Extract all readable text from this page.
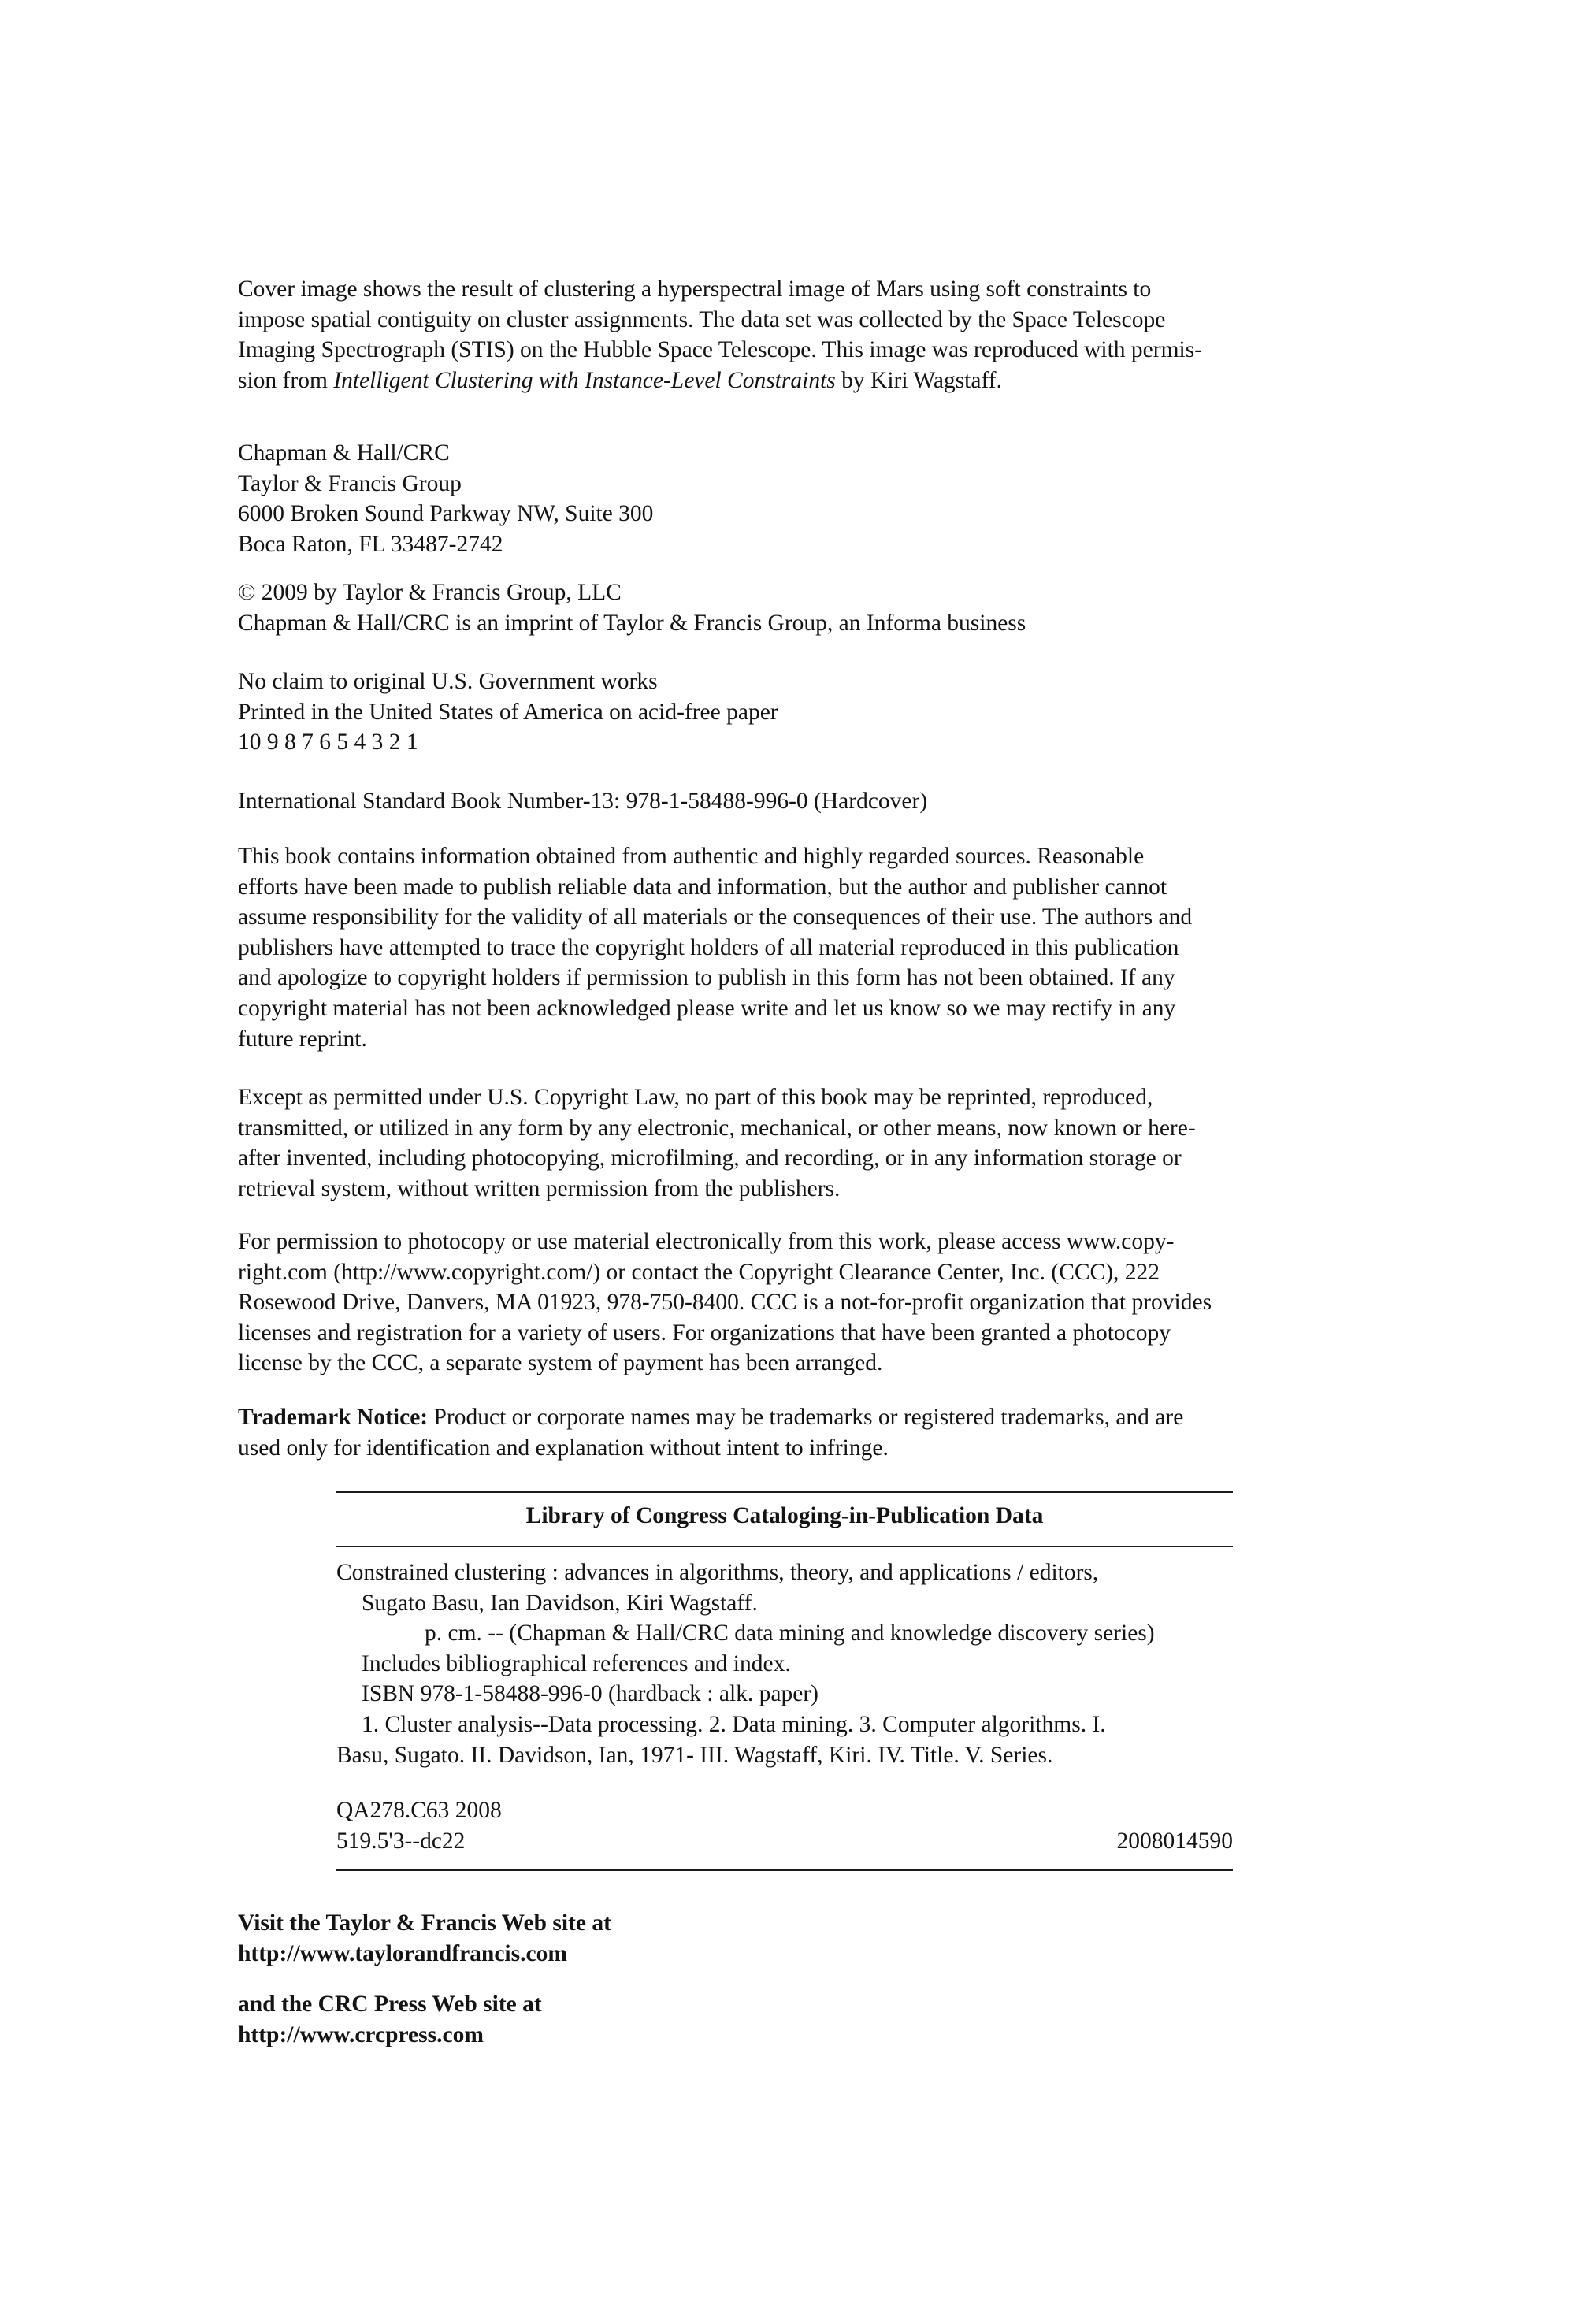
Cover image shows the result of clustering a hyperspectral image of Mars using soft constraints to
impose spatial contiguity on cluster assignments. The data set was collected by the Space Telescope
Imaging Spectrograph (STIS) on the Hubble Space Telescope. This image was reproduced with permis-
sion from Intelligent Clustering with Instance-Level Constraints by Kiri Wagstaff.
Chapman & Hall/CRC
Taylor & Francis Group
6000 Broken Sound Parkway NW, Suite 300
Boca Raton, FL 33487-2742
© 2009 by Taylor & Francis Group, LLC
Chapman & Hall/CRC is an imprint of Taylor & Francis Group, an Informa business
No claim to original U.S. Government works
Printed in the United States of America on acid-free paper
10 9 8 7 6 5 4 3 2 1
International Standard Book Number-13: 978-1-58488-996-0 (Hardcover)
This book contains information obtained from authentic and highly regarded sources. Reasonable
efforts have been made to publish reliable data and information, but the author and publisher cannot
assume responsibility for the validity of all materials or the consequences of their use. The authors and
publishers have attempted to trace the copyright holders of all material reproduced in this publication
and apologize to copyright holders if permission to publish in this form has not been obtained. If any
copyright material has not been acknowledged please write and let us know so we may rectify in any
future reprint.
Except as permitted under U.S. Copyright Law, no part of this book may be reprinted, reproduced,
transmitted, or utilized in any form by any electronic, mechanical, or other means, now known or here-
after invented, including photocopying, microfilming, and recording, or in any information storage or
retrieval system, without written permission from the publishers.
For permission to photocopy or use material electronically from this work, please access www.copy-
right.com (http://www.copyright.com/) or contact the Copyright Clearance Center, Inc. (CCC), 222
Rosewood Drive, Danvers, MA 01923, 978-750-8400. CCC is a not-for-profit organization that provides
licenses and registration for a variety of users. For organizations that have been granted a photocopy
license by the CCC, a separate system of payment has been arranged.
Trademark Notice: Product or corporate names may be trademarks or registered trademarks, and are
used only for identification and explanation without intent to infringe.
Library of Congress Cataloging-in-Publication Data
Constrained clustering : advances in algorithms, theory, and applications / editors,
Sugato Basu, Ian Davidson, Kiri Wagstaff.
p. cm. -- (Chapman & Hall/CRC data mining and knowledge discovery series)
Includes bibliographical references and index.
ISBN 978-1-58488-996-0 (hardback : alk. paper)
1. Cluster analysis--Data processing. 2. Data mining. 3. Computer algorithms. I.
Basu, Sugato. II. Davidson, Ian, 1971- III. Wagstaff, Kiri. IV. Title. V. Series.
QA278.C63 2008
519.5'3--dc22	2008014590
Visit the Taylor & Francis Web site at
http://www.taylorandfrancis.com
and the CRC Press Web site at
http://www.crcpress.com
